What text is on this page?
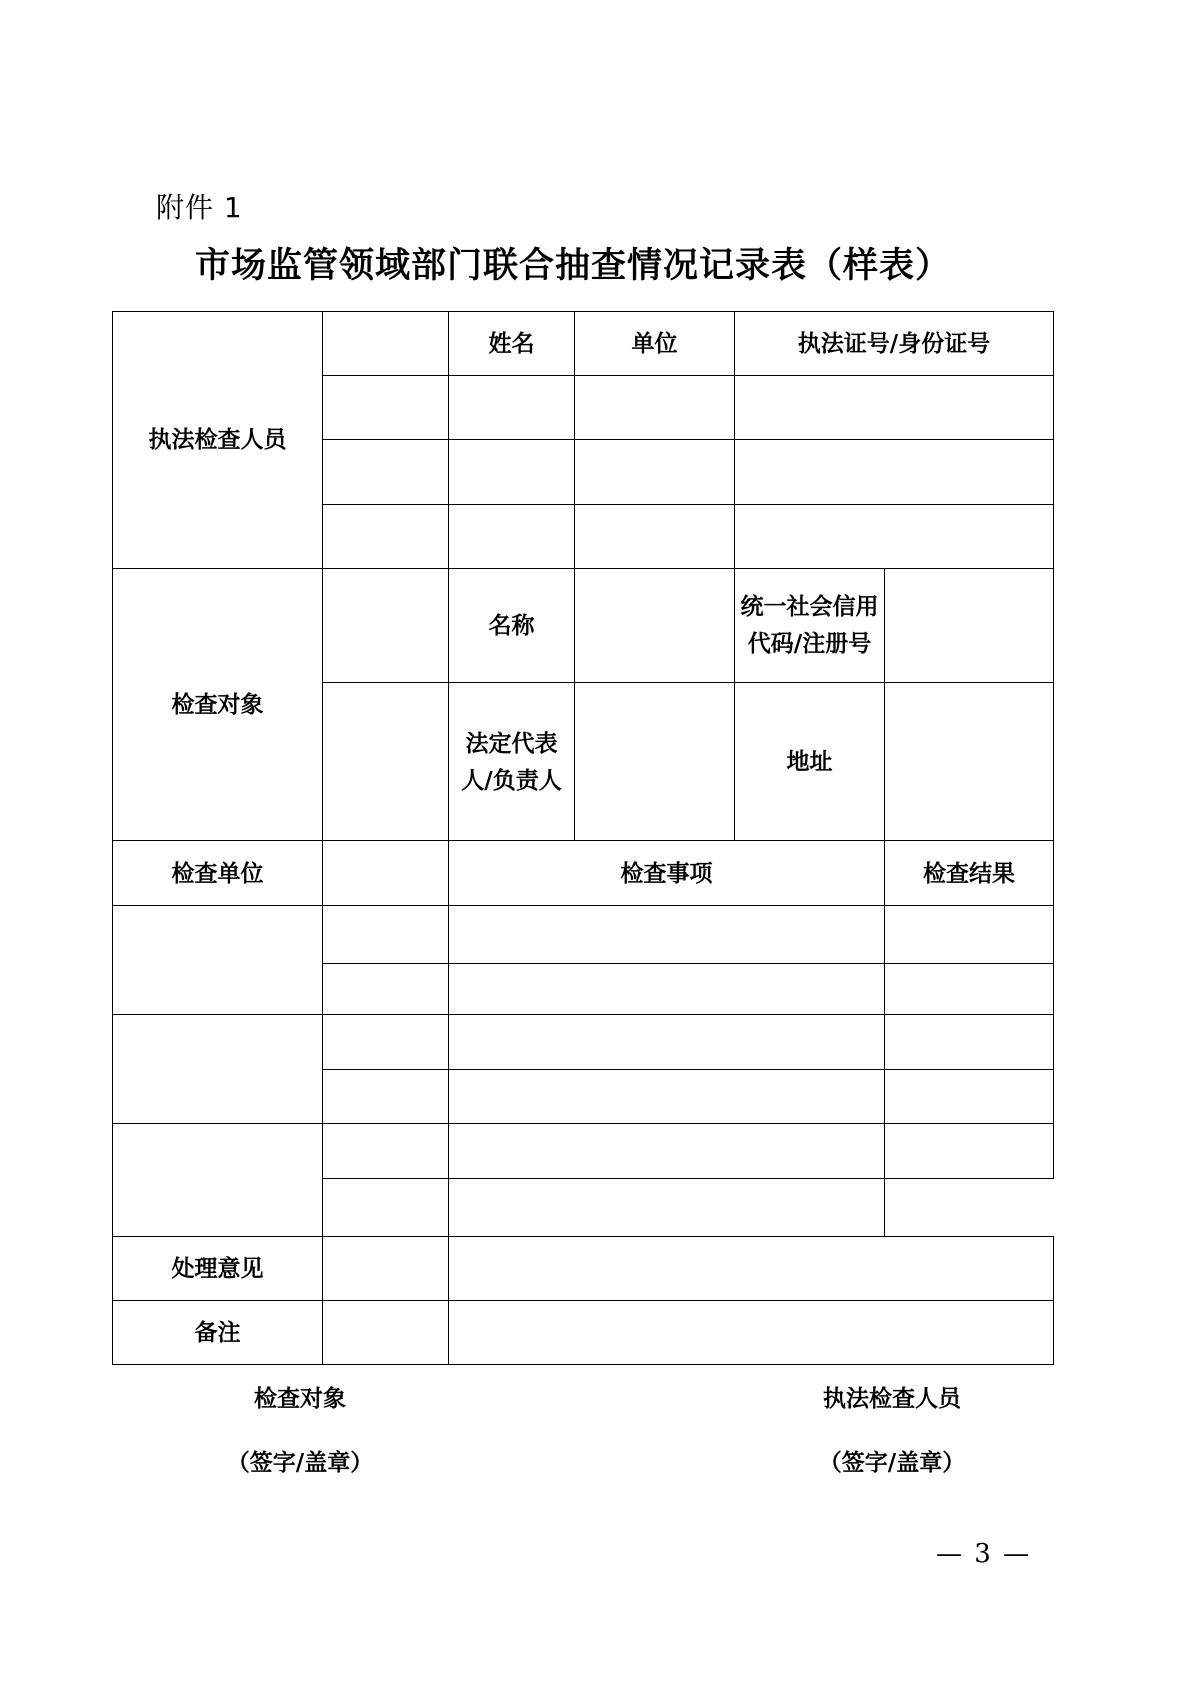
附件 1
市场监管领域部门联合抽查情况记录表（样表）
执法检查人员		姓名	单位	执法证号/身份证号	

检查对象		名称		统一社会信用代码/注册号	
		法定代表人/负责人		地址	
检查单位		检查事项			检查结果

处理意见					
备注					
检查对象
（签字/盖章）
执法检查人员
（签字/盖章）
— 3 —
